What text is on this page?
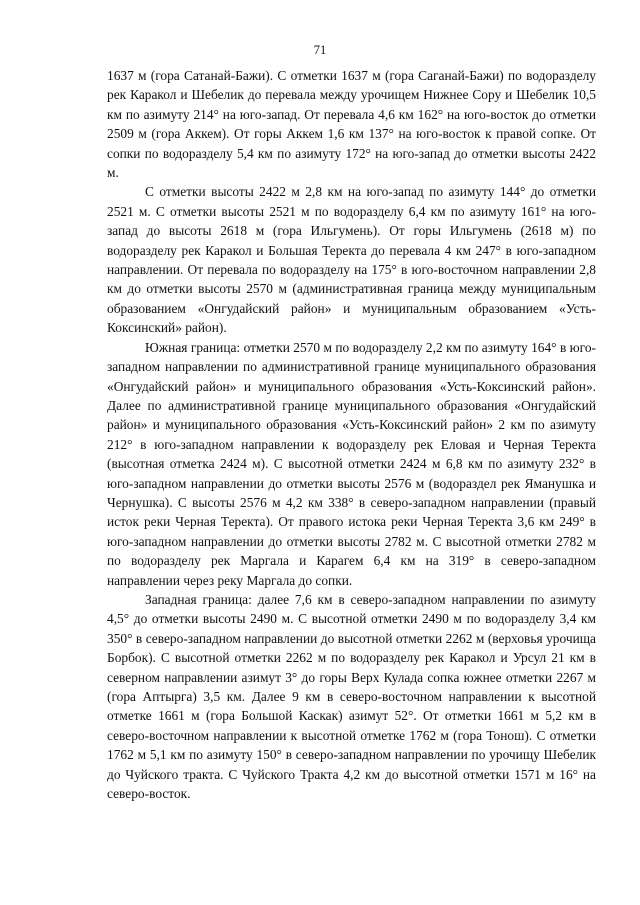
71

1637 м (гора Сатанай-Бажи). С отметки 1637 м (гора Саганай-Бажи) по водоразделу рек Каракол и Шебелик до перевала между урочищем Нижнее Сору и Шебелик 10,5 км по азимуту 214° на юго-запад. От перевала 4,6 км 162° на юго-восток до отметки 2509 м (гора Аккем). От горы Аккем 1,6 км 137° на юго-восток к правой сопке. От сопки по водоразделу 5,4 км по азимуту 172° на юго-запад до отметки высоты 2422 м.

С отметки высоты 2422 м 2,8 км на юго-запад по азимуту 144° до отметки 2521 м. С отметки высоты 2521 м по водоразделу 6,4 км по азимуту 161° на юго-запад до высоты 2618 м (гора Ильгумень). От горы Ильгумень (2618 м) по водоразделу рек Каракол и Большая Теректа до перевала 4 км 247° в юго-западном направлении. От перевала по водоразделу на 175° в юго-восточном направлении 2,8 км до отметки высоты 2570 м (административная граница между муниципальным образованием «Онгудайский район» и муниципальным образованием «Усть-Коксинский» район).

Южная граница: отметки 2570 м по водоразделу 2,2 км по азимуту 164° в юго-западном направлении по административной границе муниципального образования «Онгудайский район» и муниципального образования «Усть-Коксинский район». Далее по административной границе муниципального образования «Онгудайский район» и муниципального образования «Усть-Коксинский район» 2 км по азимуту 212° в юго-западном направлении к водоразделу рек Еловая и Черная Теректа (высотная отметка 2424 м). С высотной отметки 2424 м 6,8 км по азимуту 232° в юго-западном направлении до отметки высоты 2576 м (водораздел рек Яманушка и Чернушка). С высоты 2576 м 4,2 км 338° в северо-западном направлении (правый исток реки Черная Теректа). От правого истока реки Черная Теректа 3,6 км 249° в юго-западном направлении до отметки высоты 2782 м. С высотной отметки 2782 м по водоразделу рек Маргала и Карагем 6,4 км на 319° в северо-западном направлении через реку Маргала до сопки.

Западная граница: далее 7,6 км в северо-западном направлении по азимуту 4,5° до отметки высоты 2490 м. С высотной отметки 2490 м по водоразделу 3,4 км 350° в северо-западном направлении до высотной отметки 2262 м (верховья урочища Борбок). С высотной отметки 2262 м по водоразделу рек Каракол и Урсул 21 км в северном направлении азимут 3° до горы Верх Кулада сопка южнее отметки 2267 м (гора Аптырга) 3,5 км. Далее 9 км в северо-восточном направлении к высотной отметке 1661 м (гора Большой Каскак) азимут 52°. От отметки 1661 м 5,2 км в северо-восточном направлении к высотной отметке 1762 м (гора Тонош). С отметки 1762 м 5,1 км по азимуту 150° в северо-западном направлении по урочищу Шебелик до Чуйского тракта. С Чуйского Тракта 4,2 км до высотной отметки 1571 м 16° на северо-восток.
